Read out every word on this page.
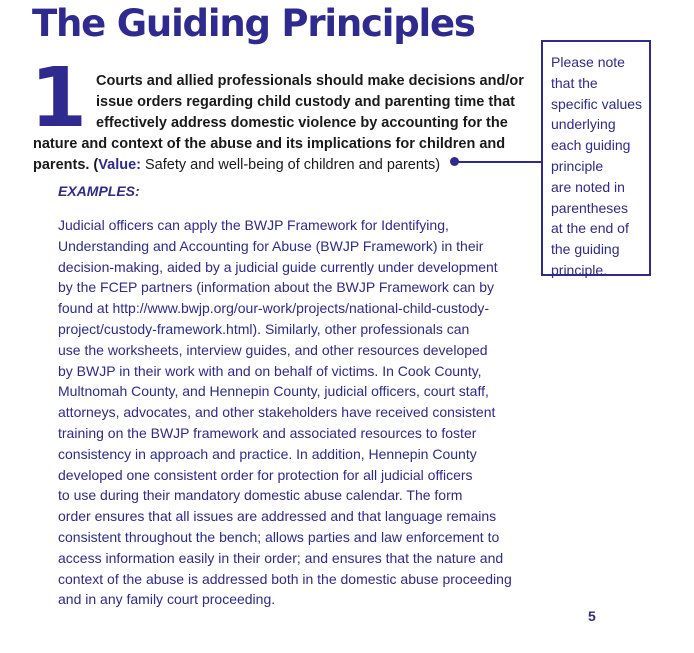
The Guiding Principles
1 Courts and allied professionals should make decisions and/or
issue orders regarding child custody and parenting time that
effectively address domestic violence by accounting for the
nature and context of the abuse and its implications for children and
parents. (Value: Safety and well-being of children and parents)
Please note
that the
specific values
underlying
each guiding
principle
are noted in
parentheses
at the end of
the guiding
principle.
EXAMPLES:
Judicial officers can apply the BWJP Framework for Identifying,
Understanding and Accounting for Abuse (BWJP Framework) in their
decision-making, aided by a judicial guide currently under development
by the FCEP partners (information about the BWJP Framework can by
found at http://www.bwjp.org/our-work/projects/national-child-custody-
project/custody-framework.html). Similarly, other professionals can
use the worksheets, interview guides, and other resources developed
by BWJP in their work with and on behalf of victims. In Cook County,
Multnomah County, and Hennepin County, judicial officers, court staff,
attorneys, advocates, and other stakeholders have received consistent
training on the BWJP framework and associated resources to foster
consistency in approach and practice. In addition, Hennepin County
developed one consistent order for protection for all judicial officers
to use during their mandatory domestic abuse calendar. The form
order ensures that all issues are addressed and that language remains
consistent throughout the bench; allows parties and law enforcement to
access information easily in their order; and ensures that the nature and
context of the abuse is addressed both in the domestic abuse proceeding
and in any family court proceeding.
5
